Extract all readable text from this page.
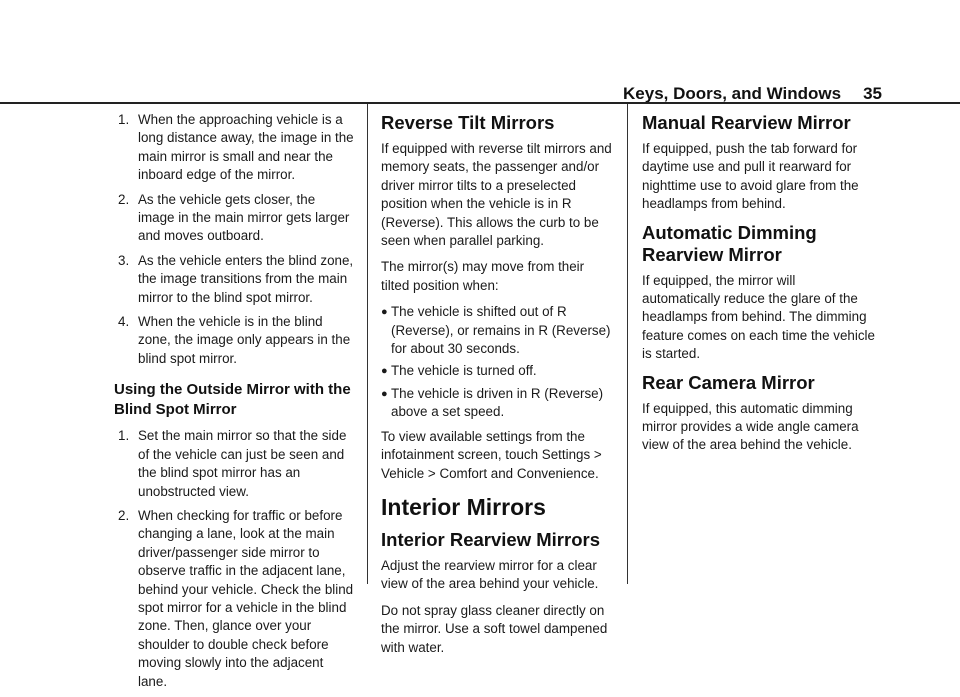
Keys, Doors, and Windows 35
1. When the approaching vehicle is a long distance away, the image in the main mirror is small and near the inboard edge of the mirror.
2. As the vehicle gets closer, the image in the main mirror gets larger and moves outboard.
3. As the vehicle enters the blind zone, the image transitions from the main mirror to the blind spot mirror.
4. When the vehicle is in the blind zone, the image only appears in the blind spot mirror.
Using the Outside Mirror with the Blind Spot Mirror
1. Set the main mirror so that the side of the vehicle can just be seen and the blind spot mirror has an unobstructed view.
2. When checking for traffic or before changing a lane, look at the main driver/passenger side mirror to observe traffic in the adjacent lane, behind your vehicle. Check the blind spot mirror for a vehicle in the blind zone. Then, glance over your shoulder to double check before moving slowly into the adjacent lane.
Reverse Tilt Mirrors

If equipped with reverse tilt mirrors and memory seats, the passenger and/or driver mirror tilts to a preselected position when the vehicle is in R (Reverse). This allows the curb to be seen when parallel parking.

The mirror(s) may move from their tilted position when:

● The vehicle is shifted out of R (Reverse), or remains in R (Reverse) for about 30 seconds.
● The vehicle is turned off.
● The vehicle is driven in R (Reverse) above a set speed.

To view available settings from the infotainment screen, touch Settings > Vehicle > Comfort and Convenience.

Interior Mirrors
Interior Rearview Mirrors

Adjust the rearview mirror for a clear view of the area behind your vehicle.

Do not spray glass cleaner directly on the mirror. Use a soft towel dampened with water.

Manual Rearview Mirror

If equipped, push the tab forward for daytime use and pull it rearward for nighttime use to avoid glare from the headlamps from behind.

Automatic Dimming Rearview Mirror

If equipped, the mirror will automatically reduce the glare of the headlamps from behind. The dimming feature comes on each time the vehicle is started.

Rear Camera Mirror

If equipped, this automatic dimming mirror provides a wide angle camera view of the area behind the vehicle.
